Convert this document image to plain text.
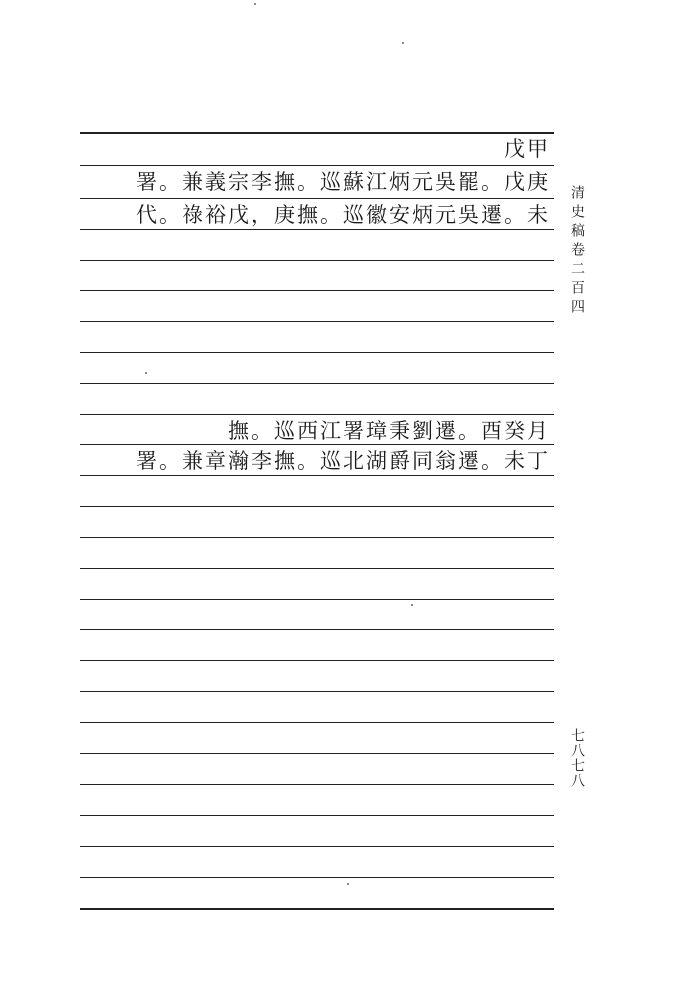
戊甲
署。兼義宗李撫。巡蘇江炳元吳罷。戊庚
代。祿裕戊，庚撫。巡徽安炳元吳遷。未
撫。巡西江署璋秉劉遷。酉癸月
署。兼章瀚李撫。巡北湖爵同翁遷。未丁
清史稿卷二百四
七八七八
